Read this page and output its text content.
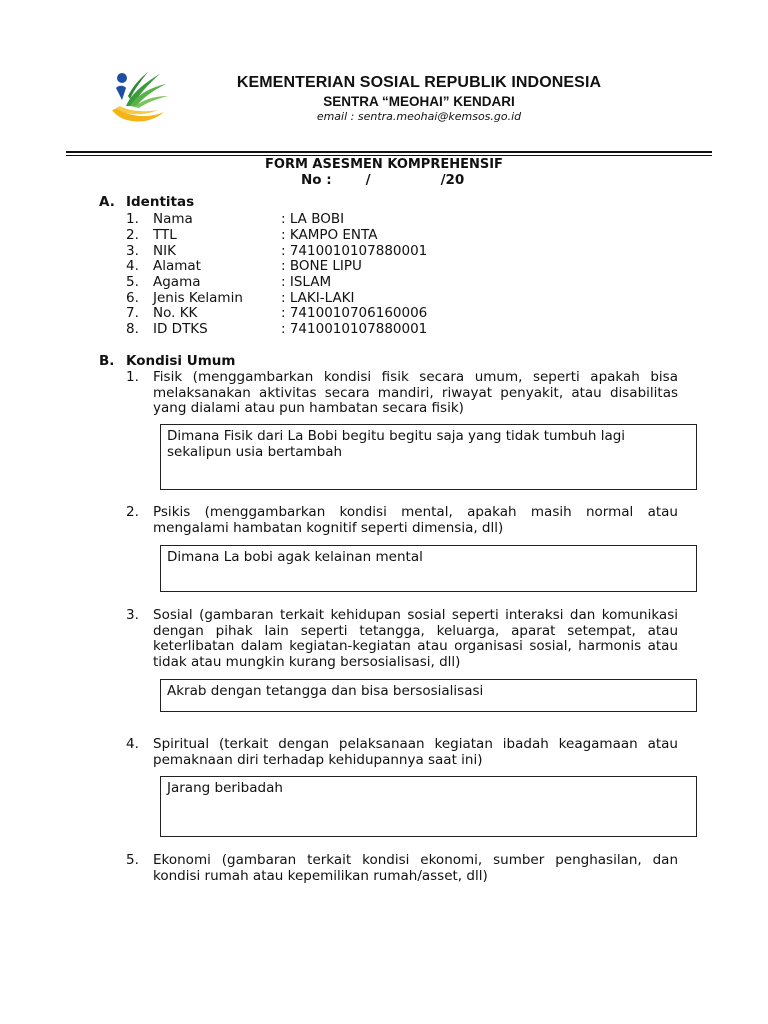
KEMENTERIAN SOSIAL REPUBLIK INDONESIA
SENTRA “MEOHAI” KENDARI
email : sentra.meohai@kemsos.go.id
FORM ASESMEN KOMPREHENSIF
No :	/	/20
A. Identitas
1. Nama	: LA BOBI
2. TTL	: KAMPO ENTA
3. NIK	: 7410010107880001
4. Alamat	: BONE LIPU
5. Agama	: ISLAM
6. Jenis Kelamin	: LAKI-LAKI
7. No. KK	: 7410010706160006
8. ID DTKS	: 7410010107880001
B. Kondisi Umum
1. Fisik (menggambarkan kondisi fisik secara umum, seperti apakah bisa melaksanakan aktivitas secara mandiri, riwayat penyakit, atau disabilitas yang dialami atau pun hambatan secara fisik)
Dimana Fisik dari La Bobi begitu begitu saja yang tidak tumbuh lagi sekalipun usia bertambah
2. Psikis (menggambarkan kondisi mental, apakah masih normal atau mengalami hambatan kognitif seperti dimensia, dll)
Dimana La bobi agak kelainan mental
3. Sosial (gambaran terkait kehidupan sosial seperti interaksi dan komunikasi dengan pihak lain seperti tetangga, keluarga, aparat setempat, atau keterlibatan dalam kegiatan-kegiatan atau organisasi sosial, harmonis atau tidak atau mungkin kurang bersosialisasi, dll)
Akrab dengan tetangga dan bisa bersosialisasi
4. Spiritual (terkait dengan pelaksanaan kegiatan ibadah keagamaan atau pemaknaan diri terhadap kehidupannya saat ini)
Jarang beribadah
5. Ekonomi (gambaran terkait kondisi ekonomi, sumber penghasilan, dan kondisi rumah atau kepemilikan rumah/asset, dll)
